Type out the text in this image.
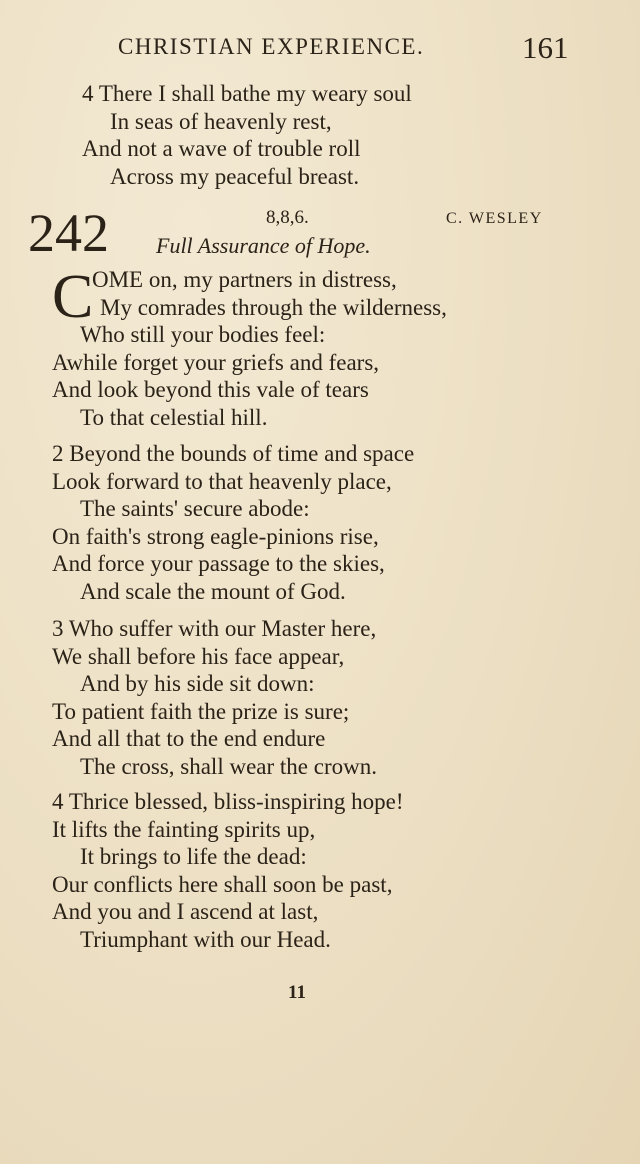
CHRISTIAN EXPERIENCE.	161
4 There I shall bathe my weary soul
In seas of heavenly rest,
And not a wave of trouble roll
Across my peaceful breast.
242	8,8,6.	C. WESLEY
Full Assurance of Hope.
C
OME on, my partners in distress,
My comrades through the wilderness,
Who still your bodies feel:
Awhile forget your griefs and fears,
And look beyond this vale of tears
To that celestial hill.
2 Beyond the bounds of time and space
Look forward to that heavenly place,
The saints' secure abode:
On faith's strong eagle-pinions rise,
And force your passage to the skies,
And scale the mount of God.
3 Who suffer with our Master here,
We shall before his face appear,
And by his side sit down:
To patient faith the prize is sure;
And all that to the end endure
The cross, shall wear the crown.
4 Thrice blessed, bliss-inspiring hope!
It lifts the fainting spirits up,
It brings to life the dead:
Our conflicts here shall soon be past,
And you and I ascend at last,
Triumphant with our Head.
11
